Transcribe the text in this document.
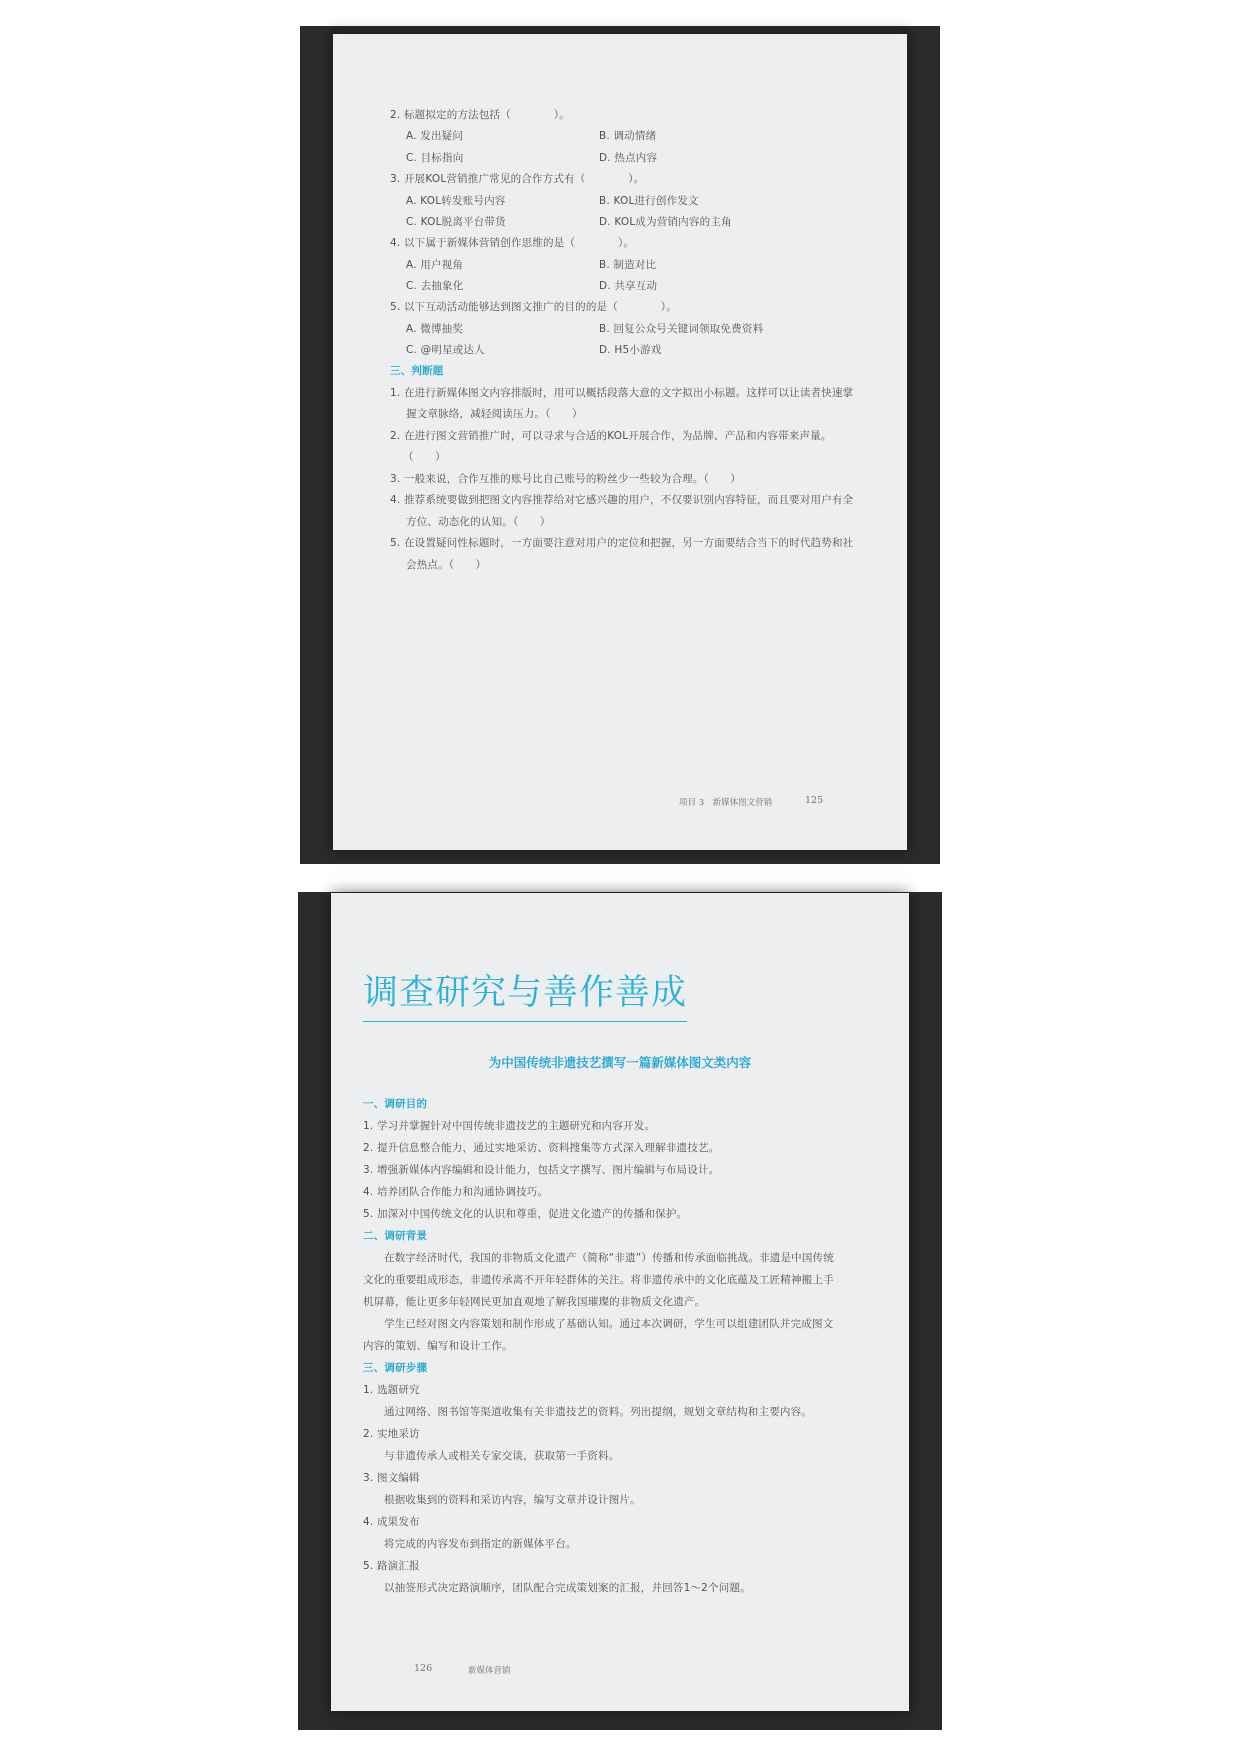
2. 标题拟定的方法包括（　　　　）。
A. 发出疑问	B. 调动情绪
C. 目标指向	D. 热点内容
3. 开展KOL营销推广常见的合作方式有（　　　　）。
A. KOL转发账号内容	B. KOL进行创作发文
C. KOL脱离平台带货	D. KOL成为营销内容的主角
4. 以下属于新媒体营销创作思维的是（　　　　）。
A. 用户视角	B. 制造对比
C. 去抽象化	D. 共享互动
5. 以下互动活动能够达到图文推广的目的的是（　　　　）。
A. 微博抽奖	B. 回复公众号关键词领取免费资料
C. @明星或达人	D. H5小游戏
三、判断题
1. 在进行新媒体图文内容排版时，用可以概括段落大意的文字拟出小标题。这样可以让读者快速掌
握文章脉络，减轻阅读压力。（　　）
2. 在进行图文营销推广时，可以寻求与合适的KOL开展合作，为品牌、产品和内容带来声量。
（　　）
3. 一般来说，合作互推的账号比自己账号的粉丝少一些较为合理。（　　）
4. 推荐系统要做到把图文内容推荐给对它感兴趣的用户，不仅要识别内容特征，而且要对用户有全
方位、动态化的认知。（　　）
5. 在设置疑问性标题时，一方面要注意对用户的定位和把握，另一方面要结合当下的时代趋势和社
会热点。（　　）
项目 3　新媒体图文营销	125
调查研究与善作善成
为中国传统非遗技艺撰写一篇新媒体图文类内容
一、调研目的
1. 学习并掌握针对中国传统非遗技艺的主题研究和内容开发。
2. 提升信息整合能力，通过实地采访、资料搜集等方式深入理解非遗技艺。
3. 增强新媒体内容编辑和设计能力，包括文字撰写、图片编辑与布局设计。
4. 培养团队合作能力和沟通协调技巧。
5. 加深对中国传统文化的认识和尊重，促进文化遗产的传播和保护。
二、调研背景
在数字经济时代，我国的非物质文化遗产（简称“非遗”）传播和传承面临挑战。非遗是中国传统
文化的重要组成形态，非遗传承离不开年轻群体的关注。将非遗传承中的文化底蕴及工匠精神搬上手
机屏幕，能让更多年轻网民更加直观地了解我国璀璨的非物质文化遗产。
学生已经对图文内容策划和制作形成了基础认知。通过本次调研，学生可以组建团队并完成图文
内容的策划、编写和设计工作。
三、调研步骤
1. 选题研究
通过网络、图书馆等渠道收集有关非遗技艺的资料。列出提纲，规划文章结构和主要内容。
2. 实地采访
与非遗传承人或相关专家交谈，获取第一手资料。
3. 图文编辑
根据收集到的资料和采访内容，编写文章并设计图片。
4. 成果发布
将完成的内容发布到指定的新媒体平台。
5. 路演汇报
以抽签形式决定路演顺序，团队配合完成策划案的汇报，并回答1～2个问题。
126	新媒体营销
